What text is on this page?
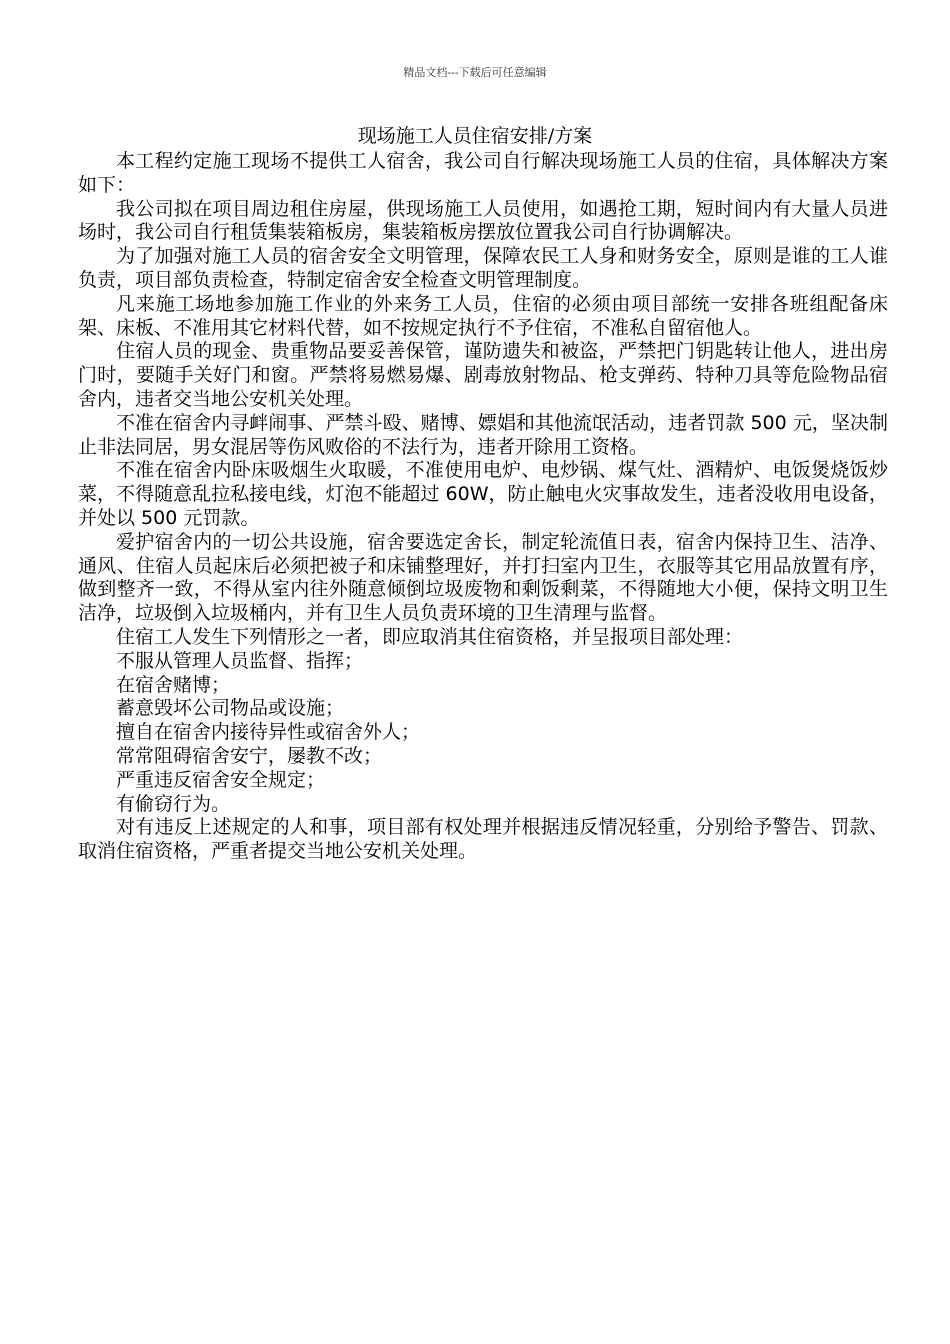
精品文档---下载后可任意编辑
现场施工人员住宿安排/方案

本工程约定施工现场不提供工人宿舍，我公司自行解决现场施工人员的住宿，具体解决方案如下：

我公司拟在项目周边租住房屋，供现场施工人员使用，如遇抢工期，短时间内有大量人员进场时，我公司自行租赁集装箱板房，集装箱板房摆放位置我公司自行协调解决。

为了加强对施工人员的宿舍安全文明管理，保障农民工人身和财务安全，原则是谁的工人谁负责，项目部负责检查，特制定宿舍安全检查文明管理制度。

凡来施工场地参加施工作业的外来务工人员，住宿的必须由项目部统一安排各班组配备床架、床板、不准用其它材料代替，如不按规定执行不予住宿，不准私自留宿他人。

住宿人员的现金、贵重物品要妥善保管，谨防遗失和被盗，严禁把门钥匙转让他人，进出房门时，要随手关好门和窗。严禁将易燃易爆、剧毒放射物品、枪支弹药、特种刀具等危险物品宿舍内，违者交当地公安机关处理。

不准在宿舍内寻衅闹事、严禁斗殴、赌博、嫖娼和其他流氓活动，违者罚款 500 元，坚决制止非法同居，男女混居等伤风败俗的不法行为，违者开除用工资格。

不准在宿舍内卧床吸烟生火取暖，不准使用电炉、电炒锅、煤气灶、酒精炉、电饭煲烧饭炒菜，不得随意乱拉私接电线，灯泡不能超过 60W，防止触电火灾事故发生，违者没收用电设备，并处以 500 元罚款。

爱护宿舍内的一切公共设施，宿舍要选定舍长，制定轮流值日表，宿舍内保持卫生、洁净、通风、住宿人员起床后必须把被子和床铺整理好，并打扫室内卫生，衣服等其它用品放置有序，做到整齐一致，不得从室内往外随意倾倒垃圾废物和剩饭剩菜，不得随地大小便，保持文明卫生洁净，垃圾倒入垃圾桶内，并有卫生人员负责环境的卫生清理与监督。

住宿工人发生下列情形之一者，即应取消其住宿资格，并呈报项目部处理：

不服从管理人员监督、指挥；

在宿舍赌博；

蓄意毁坏公司物品或设施；

擅自在宿舍内接待异性或宿舍外人；

常常阻碍宿舍安宁，屡教不改；

严重违反宿舍安全规定；

有偷窃行为。

对有违反上述规定的人和事，项目部有权处理并根据违反情况轻重，分别给予警告、罚款、取消住宿资格，严重者提交当地公安机关处理。
